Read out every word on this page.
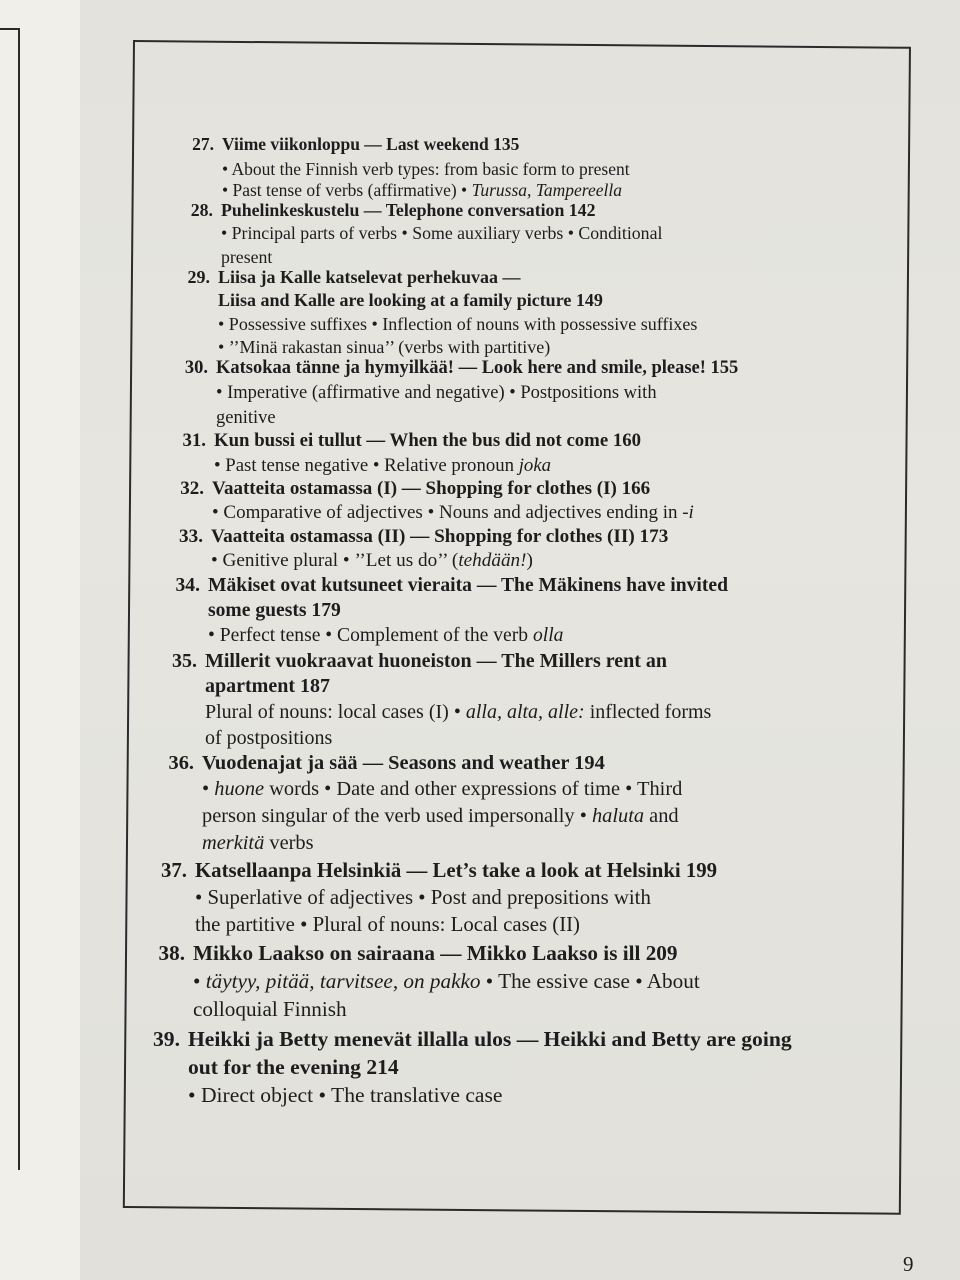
27. Viime viikonloppu — Last weekend 135
• About the Finnish verb types: from basic form to present
• Past tense of verbs (affirmative) • Turussa, Tampereella
28. Puhelinkeskustelu — Telephone conversation 142
• Principal parts of verbs • Some auxiliary verbs • Conditional
present
29. Liisa ja Kalle katselevat perhekuvaa —
Liisa and Kalle are looking at a family picture 149
• Possessive suffixes • Inflection of nouns with possessive suffixes
• ’’Minä rakastan sinua’’ (verbs with partitive)
30. Katsokaa tänne ja hymyilkää! — Look here and smile, please! 155
• Imperative (affirmative and negative) • Postpositions with
genitive
31. Kun bussi ei tullut — When the bus did not come 160
• Past tense negative • Relative pronoun joka
32. Vaatteita ostamassa (I) — Shopping for clothes (I) 166
• Comparative of adjectives • Nouns and adjectives ending in -i
33. Vaatteita ostamassa (II) — Shopping for clothes (II) 173
• Genitive plural • ’’Let us do’’ (tehdään!)
34. Mäkiset ovat kutsuneet vieraita — The Mäkinens have invited
some guests 179
• Perfect tense • Complement of the verb olla
35. Millerit vuokraavat huoneiston — The Millers rent an
apartment 187
Plural of nouns: local cases (I) • alla, alta, alle: inflected forms
of postpositions
36. Vuodenajat ja sää — Seasons and weather 194
• huone words • Date and other expressions of time • Third
person singular of the verb used impersonally • haluta and
merkitä verbs
37. Katsellaanpa Helsinkiä — Let’s take a look at Helsinki 199
• Superlative of adjectives • Post and prepositions with
the partitive • Plural of nouns: Local cases (II)
38. Mikko Laakso on sairaana — Mikko Laakso is ill 209
• täytyy, pitää, tarvitsee, on pakko • The essive case • About
colloquial Finnish
39. Heikki ja Betty menevät illalla ulos — Heikki and Betty are going
out for the evening 214
• Direct object • The translative case
9
